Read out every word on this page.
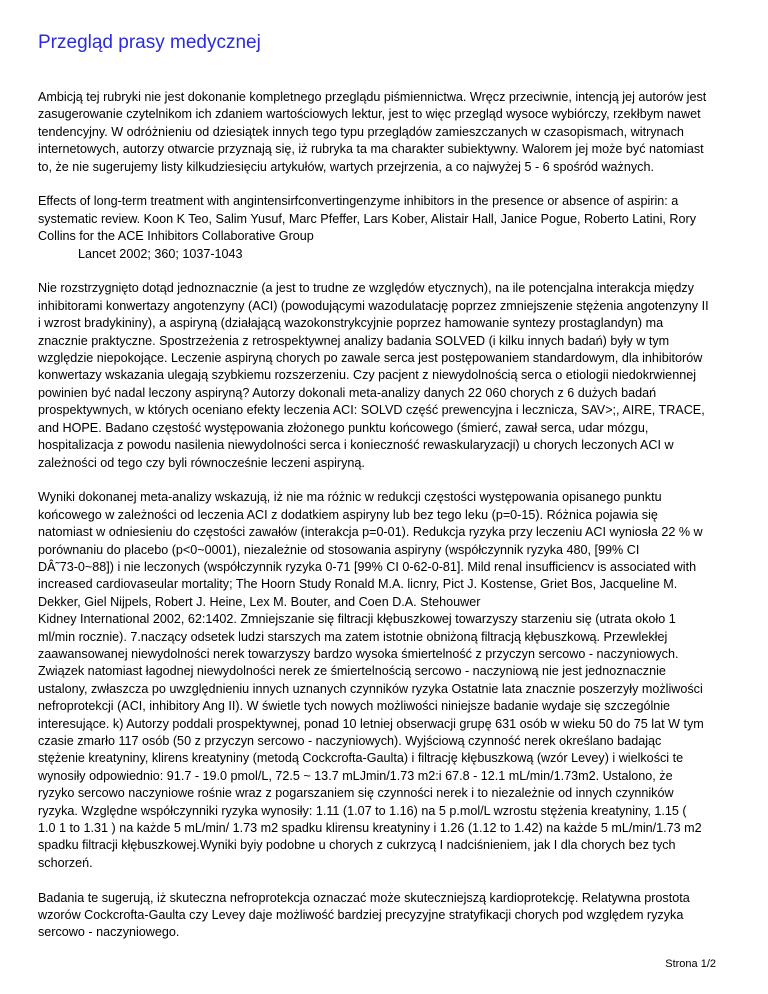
Przegląd prasy medycznej

Ambicją tej rubryki nie jest dokonanie kompletnego przeglądu piśmiennictwa. Wręcz przeciwnie, intencją jej autorów jest
zasugerowanie czytelnikom ich zdaniem wartościowych lektur, jest to więc przegląd wysoce wybiórczy, rzekłbym nawet
tendencyjny. W odróżnieniu od dziesiątek innych tego typu przeglądów zamieszczanych w czasopismach, witrynach
internetowych, autorzy otwarcie przyznają się, iż rubryka ta ma charakter subiektywny. Walorem jej może być natomiast
to, że nie sugerujemy listy kilkudziesięciu artykułów, wartych przejrzenia, a co najwyżej 5 - 6 spośród ważnych.

Effects of long-term treatment with angintensirfconvertingenzyme inhibitors in the presence or absence of aspirin: a
systematic review. Koon K Teo, Salim Yusuf, Marc Pfeffer, Lars Kober, Alistair Hall, Janice Pogue, Roberto Latini, Rory
Collins for the ACE Inhibitors Collaborative Group
Lancet 2002; 360; 1037-1043

Nie rozstrzygnięto dotąd jednoznacznie (a jest to trudne ze względów etycznych), na ile potencjalna interakcja między
inhibitorami konwertazy angotenzyny (ACI) (powodującymi wazodulatację poprzez zmniejszenie stężenia angotenzyny II
i wzrost bradykininy), a aspiryną (działającą wazokonstrykcyjnie poprzez hamowanie syntezy prostaglandyn) ma
znacznie praktyczne. Spostrzeżenia z retrospektywnej analizy badania SOLVED (i kilku innych badań) były w tym
względzie niepokojące. Leczenie aspiryną chorych po zawale serca jest postępowaniem standardowym, dla inhibitorów
konwertazy wskazania ulegają szybkiemu rozszerzeniu. Czy pacjent z niewydolnością serca o etiologii niedokrwiennej
powinien być nadal leczony aspiryną? Autorzy dokonali meta-analizy danych 22 060 chorych z 6 dużych badań
prospektywnych, w których oceniano efekty leczenia ACI: SOLVD część prewencyjna i lecznicza, SAV>;, AIRE, TRACE,
and HOPE. Badano częstość występowania złożonego punktu końcowego (śmierć, zawał serca, udar mózgu,
hospitalizacja z powodu nasilenia niewydolności serca i konieczność rewaskularyzacji) u chorych leczonych ACI w
zależności od tego czy byli równocześnie leczeni aspiryną.

Wyniki dokonanej meta-analizy wskazują, iż nie ma różnic w redukcji częstości występowania opisanego punktu
końcowego w zależności od leczenia ACI z dodatkiem aspiryny lub bez tego leku (p=0-15). Różnica pojawia się
natomiast w odniesieniu do częstości zawałów (interakcja p=0-01). Redukcja ryzyka przy leczeniu ACI wyniosła 22 % w
porównaniu do placebo (p<0~0001), niezależnie od stosowania aspiryny (współczynnik ryzyka 480, [99% CI
DÂ˜73-0~88]) i nie leczonych (współczynnik ryzyka 0-71 [99% CI 0-62-0-81]. Mild renal insufficiencv is associated with
increased cardiovaseular mortality; The Hoorn Study Ronald M.A. licnry, Pict J. Kostense, Griet Bos, Jacqueline M.
Dekker, Giel Nijpels, Robert J. Heine, Lex M. Bouter, and Coen D.A. Stehouwer
Kidney International 2002, 62:1402. Zmniejszanie się filtracji kłębuszkowej towarzyszy starzeniu się (utrata około 1
ml/min rocznie). 7.naczący odsetek ludzi starszych ma zatem istotnie obniżoną filtracją kłębuszkową. Przewlekłej
zaawansowanej niewydolności nerek towarzyszy bardzo wysoka śmiertelność z przyczyn sercowo - naczyniowych.
Związek natomiast łagodnej niewydolności nerek ze śmiertelnością sercowo - naczyniową nie jest jednoznacznie
ustalony, zwłaszcza po uwzględnieniu innych uznanych czynników ryzyka Ostatnie lata znacznie poszerzyły możliwości
nefroprotekcji (ACI, inhibitory Ang II). W świetle tych nowych możliwości niniejsze badanie wydaje się szczególnie
interesujące. k) Autorzy poddali prospektywnej, ponad 10 letniej obserwacji grupę 631 osób w wieku 50 do 75 lat W tym
czasie zmarło 117 osób (50 z przyczyn sercowo - naczyniowych). Wyjściową czynność nerek określano badając
stężenie kreatyniny, klirens kreatyniny (metodą Cockcrofta-Gaulta) i filtrację kłębuszkową (wzór Levey) i wielkości te
wynosiły odpowiednio: 91.7 - 19.0 pmol/L, 72.5 ~ 13.7 mLJmin/1.73 m2:i 67.8 - 12.1 mL/min/1.73m2. Ustalono, że
ryzyko sercowo naczyniowe rośnie wraz z pogarszaniem się czynności nerek i to niezależnie od innych czynników
ryzyka. Względne współczynniki ryzyka wynosiły: 1.11 (1.07 to 1.16) na 5 p.mol/L wzrostu stężenia kreatyniny, 1.15 (
1.0 1 to 1.31 ) na każde 5 mL/min/ 1.73 m2 spadku klirensu kreatyniny i 1.26 (1.12 to 1.42) na każde 5 mL/min/1.73 m2
spadku filtracji kłębuszkowej.Wyniki byiy podobne u chorych z cukrzycą I nadciśnieniem, jak I dla chorych bez tych
schorzeń.

Badania te sugerują, iż skuteczna nefroprotekcja oznaczać może skuteczniejszą kardioprotekcję. Relatywna prostota
wzorów Cockcrofta-Gaulta czy Levey daje możliwość bardziej precyzyjne stratyfikacji chorych pod względem ryzyka
sercowo - naczyniowego.

Strona 1/2
